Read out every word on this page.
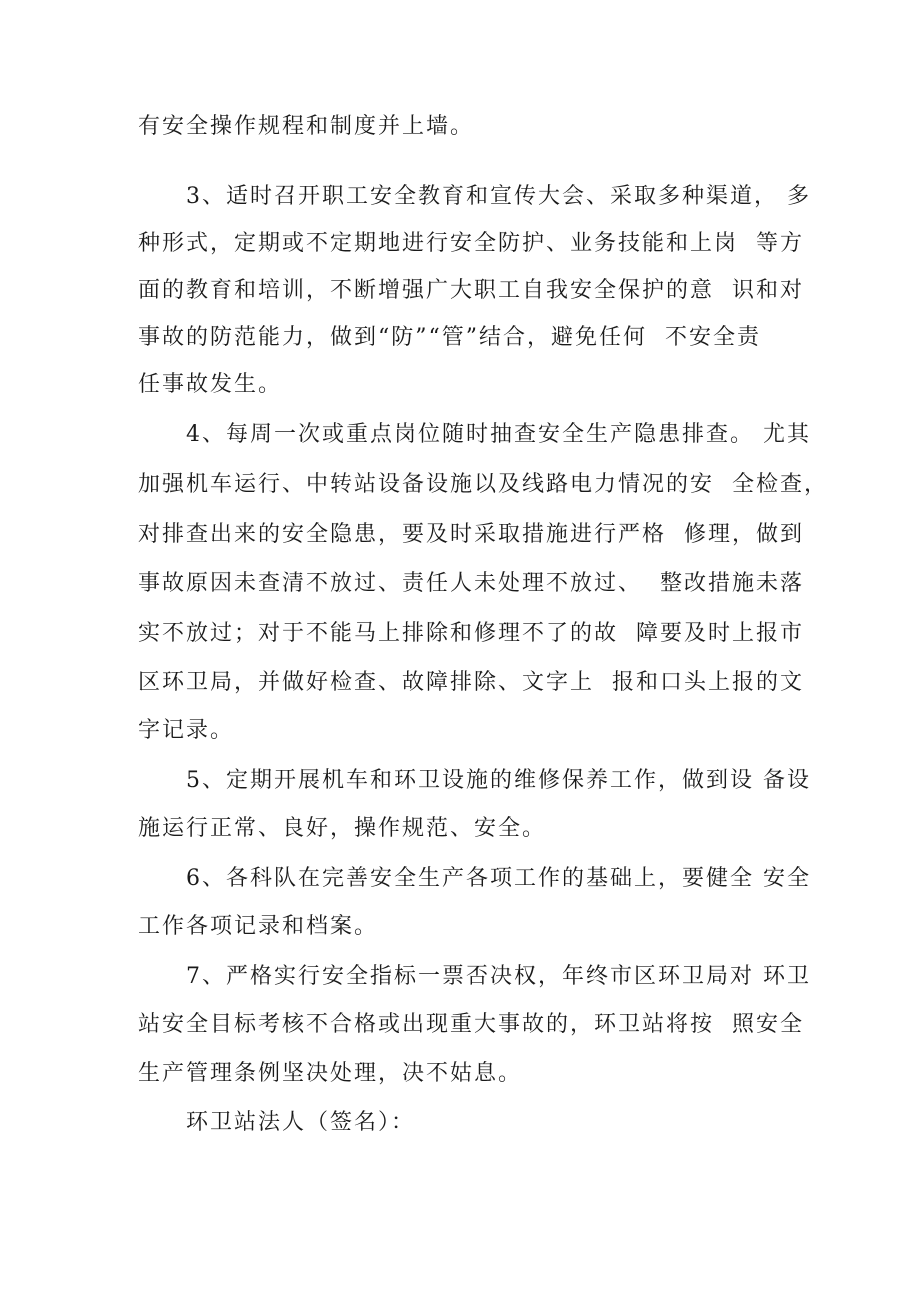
有安全操作规程和制度并上墙。
3、适时召开职工安全教育和宣传大会、采取多种渠道， 多
种形式，定期或不定期地进行安全防护、业务技能和上岗  等方
面的教育和培训，不断增强广大职工自我安全保护的意  识和对
事故的防范能力，做到“防”“管”结合，避免任何  不安全责
任事故发生。
4、每周一次或重点岗位随时抽查安全生产隐患排查。 尤其
加强机车运行、中转站设备设施以及线路电力情况的安  全检查，
对排查出来的安全隐患，要及时采取措施进行严格  修理，做到
事故原因未查清不放过、责任人未处理不放过、  整改措施未落
实不放过；对于不能马上排除和修理不了的故  障要及时上报市
区环卫局，并做好检查、故障排除、文字上  报和口头上报的文
字记录。
5、定期开展机车和环卫设施的维修保养工作，做到设 备设
施运行正常、良好，操作规范、安全。
6、各科队在完善安全生产各项工作的基础上，要健全 安全
工作各项记录和档案。
7、严格实行安全指标一票否决权，年终市区环卫局对 环卫
站安全目标考核不合格或出现重大事故的，环卫站将按  照安全
生产管理条例坚决处理，决不姑息。
环卫站法人（签名）：
